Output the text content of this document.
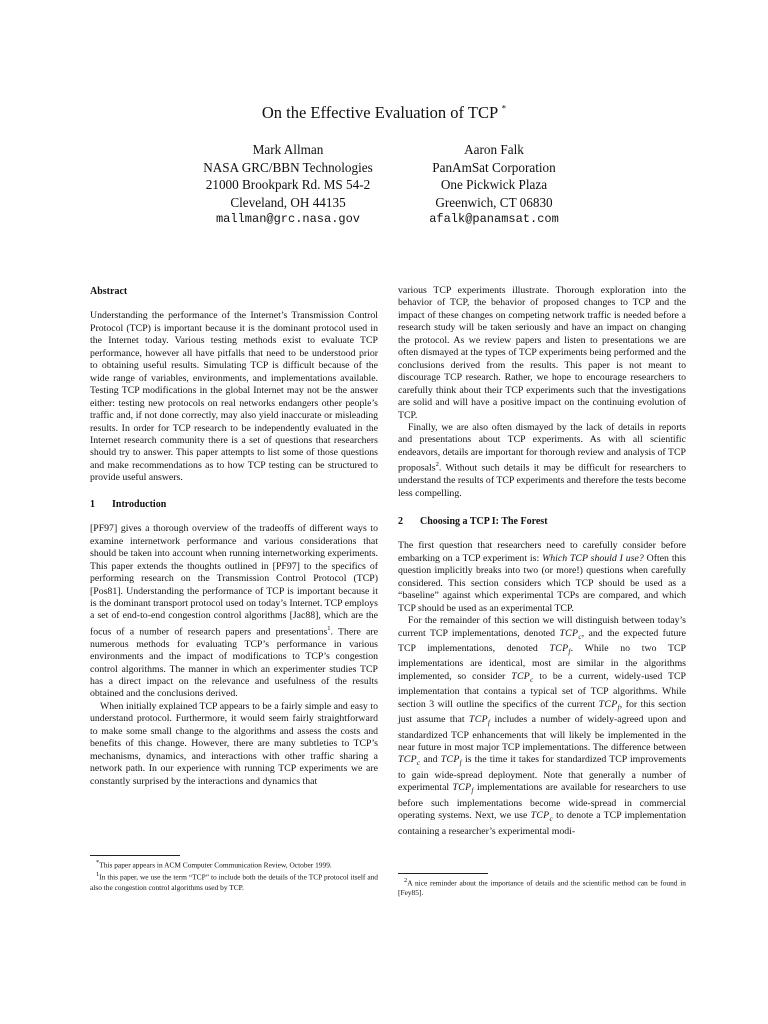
On the Effective Evaluation of TCP *
Mark Allman
NASA GRC/BBN Technologies
21000 Brookpark Rd. MS 54-2
Cleveland, OH 44135
mallman@grc.nasa.gov
Aaron Falk
PanAmSat Corporation
One Pickwick Plaza
Greenwich, CT 06830
afalk@panamsat.com
Abstract

Understanding the performance of the Internet’s Transmission Control Protocol (TCP) is important because it is the dominant protocol used in the Internet today. Various testing methods exist to evaluate TCP performance, however all have pitfalls that need to be understood prior to obtaining useful results. Simulating TCP is difficult because of the wide range of variables, environments, and implementations available. Testing TCP modifications in the global Internet may not be the answer either: testing new protocols on real networks endangers other people’s traffic and, if not done correctly, may also yield inaccurate or misleading results. In order for TCP research to be independently evaluated in the Internet research community there is a set of questions that researchers should try to answer. This paper attempts to list some of those questions and make recommendations as to how TCP testing can be structured to provide useful answers.

1 Introduction

[PF97] gives a thorough overview of the tradeoffs of different ways to examine internetwork performance and various considerations that should be taken into account when running internetworking experiments. This paper extends the thoughts outlined in [PF97] to the specifics of performing research on the Transmission Control Protocol (TCP) [Pos81]. Understanding the performance of TCP is important because it is the dominant transport protocol used on today’s Internet. TCP employs a set of end-to-end congestion control algorithms [Jac88], which are the focus of a number of research papers and presentations$^1$. There are numerous methods for evaluating TCP’s performance in various environments and the impact of modifications to TCP’s congestion control algorithms. The manner in which an experimenter studies TCP has a direct impact on the relevance and usefulness of the results obtained and the conclusions derived.

When initially explained TCP appears to be a fairly simple and easy to understand protocol. Furthermore, it would seem fairly straightforward to make some small change to the algorithms and assess the costs and benefits of this change. However, there are many subtleties to TCP’s mechanisms, dynamics, and interactions with other traffic sharing a network path. In our experience with running TCP experiments we are constantly surprised by the interactions and dynamics that

*This paper appears in ACM Computer Communication Review, October 1999.

$^1$In this paper, we use the term “TCP” to include both the details of the TCP protocol itself and also the congestion control algorithms used by TCP.

various TCP experiments illustrate. Thorough exploration into the behavior of TCP, the behavior of proposed changes to TCP and the impact of these changes on competing network traffic is needed before a research study will be taken seriously and have an impact on changing the protocol. As we review papers and listen to presentations we are often dismayed at the types of TCP experiments being performed and the conclusions derived from the results. This paper is not meant to discourage TCP research. Rather, we hope to encourage researchers to carefully think about their TCP experiments such that the investigations are solid and will have a positive impact on the continuing evolution of TCP.

Finally, we are also often dismayed by the lack of details in reports and presentations about TCP experiments. As with all scientific endeavors, details are important for thorough review and analysis of TCP proposals$^2$. Without such details it may be difficult for researchers to understand the results of TCP experiments and therefore the tests become less compelling.

2 Choosing a TCP I: The Forest

The first question that researchers need to carefully consider before embarking on a TCP experiment is: Which TCP should I use? Often this question implicitly breaks into two (or more!) questions when carefully considered. This section considers which TCP should be used as a “baseline” against which experimental TCPs are compared, and which TCP should be used as an experimental TCP.

For the remainder of this section we will distinguish between today’s current TCP implementations, denoted $TCP_c$, and the expected future TCP implementations, denoted $TCP_f$. While no two TCP implementations are identical, most are similar in the algorithms implemented, so consider $TCP_c$ to be a current, widely-used TCP implementation that contains a typical set of TCP algorithms. While section 3 will outline the specifics of the current $TCP_f$, for this section just assume that $TCP_f$ includes a number of widely-agreed upon and standardized TCP enhancements that will likely be implemented in the near future in most major TCP implementations. The difference between $TCP_c$ and $TCP_f$ is the time it takes for standardized TCP improvements to gain wide-spread deployment. Note that generally a number of experimental $TCP_f$ implementations are available for researchers to use before such implementations become wide-spread in commercial operating systems. Next, we use $TCP_c$ to denote a TCP implementation containing a researcher’s experimental modi-

$^2$A nice reminder about the importance of details and the scientific method can be found in [Fey85].
